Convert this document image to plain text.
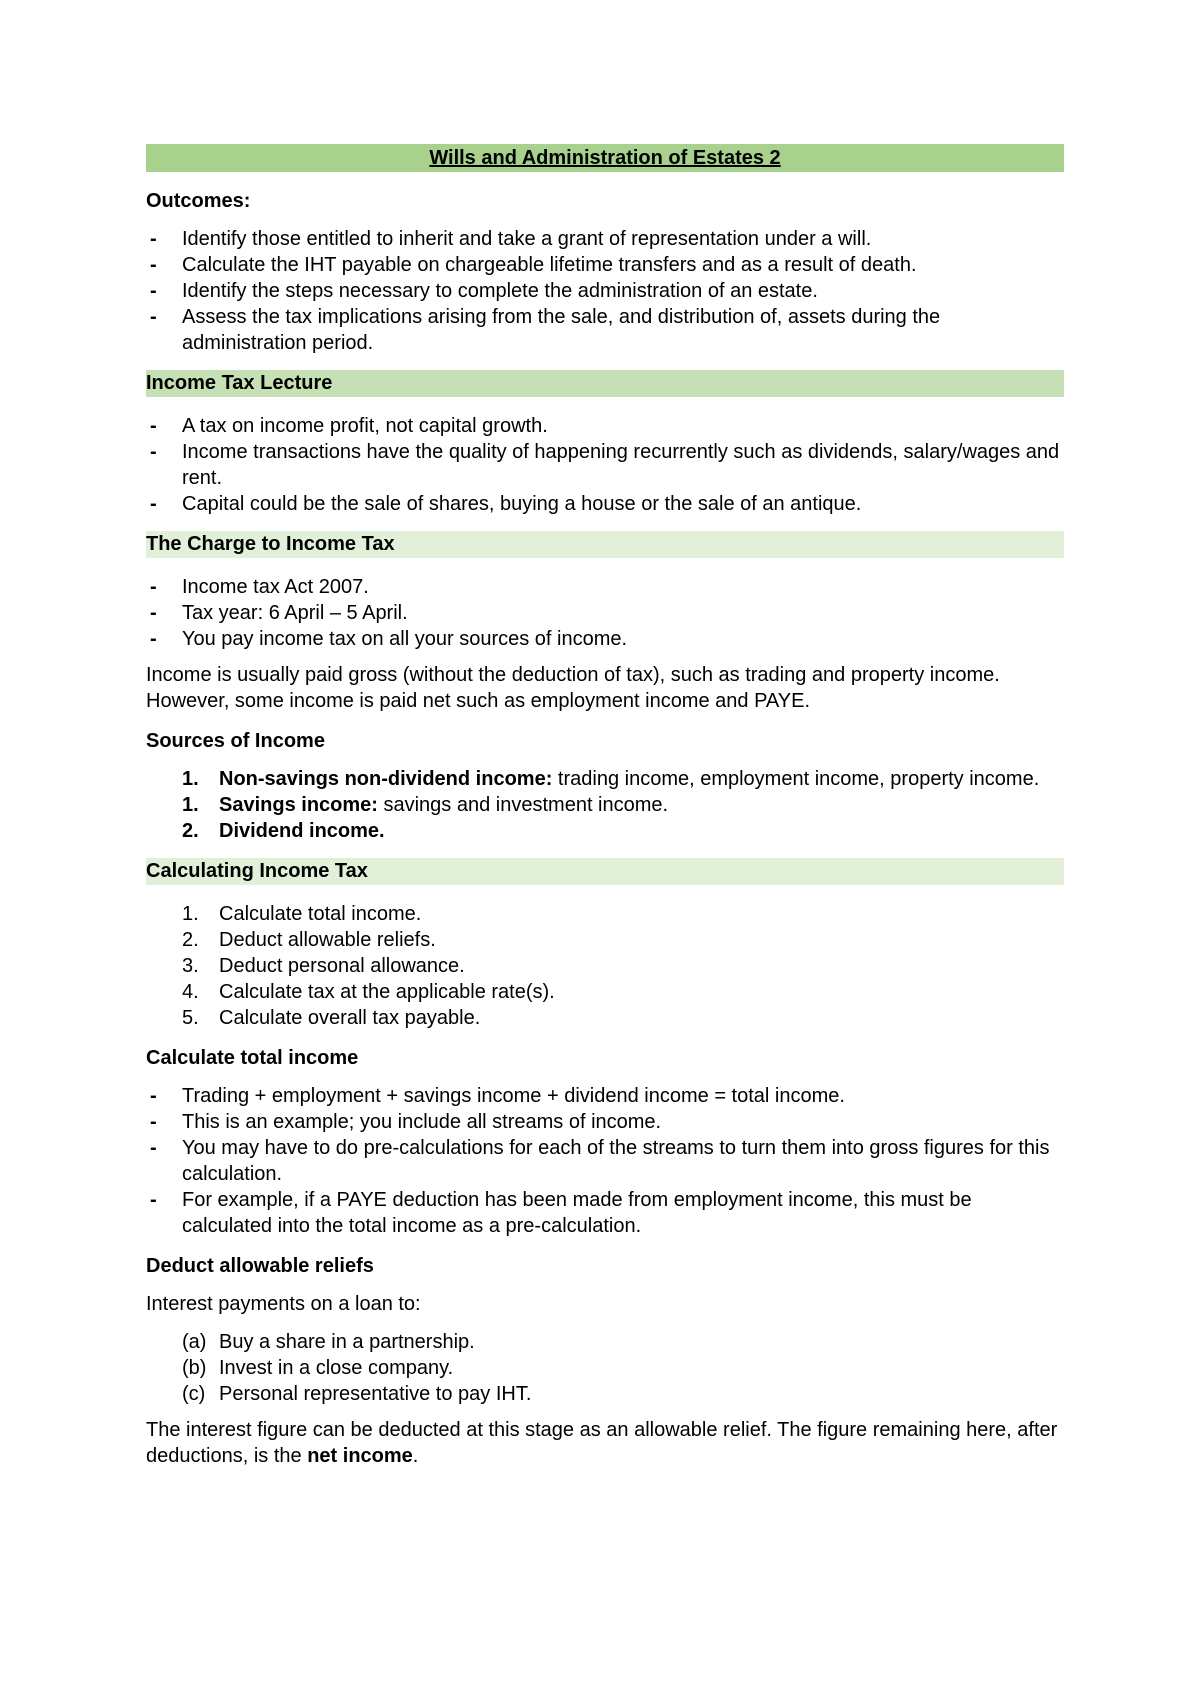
Wills and Administration of Estates 2
Outcomes:
- Identify those entitled to inherit and take a grant of representation under a will.
- Calculate the IHT payable on chargeable lifetime transfers and as a result of death.
- Identify the steps necessary to complete the administration of an estate.
- Assess the tax implications arising from the sale, and distribution of, assets during the administration period.
Income Tax Lecture
- A tax on income profit, not capital growth.
- Income transactions have the quality of happening recurrently such as dividends, salary/wages and rent.
- Capital could be the sale of shares, buying a house or the sale of an antique.
The Charge to Income Tax
- Income tax Act 2007.
- Tax year: 6 April – 5 April.
- You pay income tax on all your sources of income.

Income is usually paid gross (without the deduction of tax), such as trading and property income. However, some income is paid net such as employment income and PAYE.

Sources of Income
1. Non-savings non-dividend income: trading income, employment income, property income.
1. Savings income: savings and investment income.
2. Dividend income.
Calculating Income Tax
1. Calculate total income.
2. Deduct allowable reliefs.
3. Deduct personal allowance.
4. Calculate tax at the applicable rate(s).
5. Calculate overall tax payable.
Calculate total income
- Trading + employment + savings income + dividend income = total income.
- This is an example; you include all streams of income.
- You may have to do pre-calculations for each of the streams to turn them into gross figures for this calculation.
- For example, if a PAYE deduction has been made from employment income, this must be calculated into the total income as a pre-calculation.
Deduct allowable reliefs

Interest payments on a loan to:

(a) Buy a share in a partnership.
(b) Invest in a close company.
(c) Personal representative to pay IHT.

The interest figure can be deducted at this stage as an allowable relief. The figure remaining here, after deductions, is the net income.
